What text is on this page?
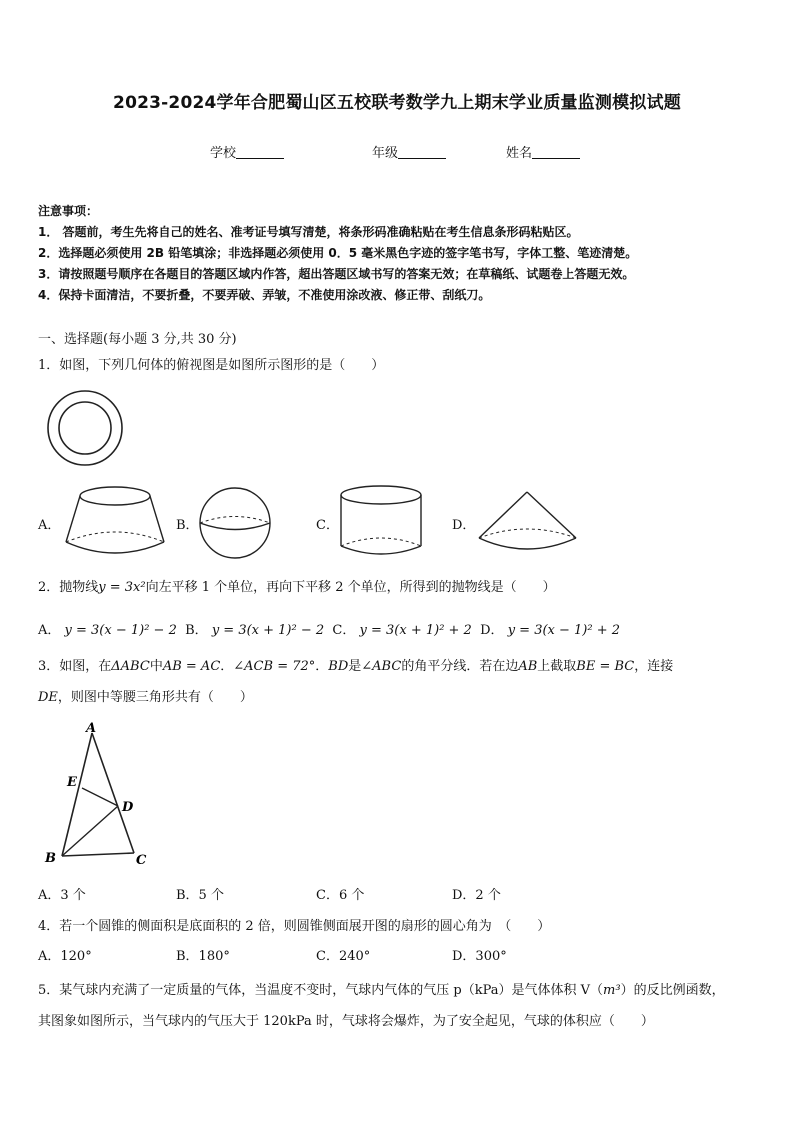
2023-2024学年合肥蜀山区五校联考数学九上期末学业质量监测模拟试题
学校	年级	姓名
注意事项：
1． 答题前，考生先将自己的姓名、准考证号填写清楚，将条形码准确粘贴在考生信息条形码粘贴区。
2．选择题必须使用 2B 铅笔填涂；非选择题必须使用 0．5 毫米黑色字迹的签字笔书写，字体工整、笔迹清楚。
3．请按照题号顺序在各题目的答题区域内作答，超出答题区域书写的答案无效；在草稿纸、试题卷上答题无效。
4．保持卡面清洁，不要折叠，不要弄破、弄皱，不准使用涂改液、修正带、刮纸刀。
一、选择题(每小题 3 分,共 30 分)
1．如图，下列几何体的俯视图是如图所示图形的是（　　）
A．	B．	C．	D．
2．抛物线y = 3x²向左平移 1 个单位，再向下平移 2 个单位，所得到的抛物线是（　　）
A． y = 3(x − 1)² − 2 B． y = 3(x + 1)² − 2 C． y = 3(x + 1)² + 2 D． y = 3(x − 1)² + 2
3．如图，在ΔABC中AB = AC．∠ACB = 72°．BD是∠ABC的角平分线．若在边AB上截取BE = BC，连接
DE，则图中等腰三角形共有（　　）
A
E
D
B	C
A．3 个	B．5 个	C．6 个	D．2 个
4．若一个圆锥的侧面积是底面积的 2 倍，则圆锥侧面展开图的扇形的圆心角为　（　　）
A．120°	B．180°	C．240°	D．300°
5．某气球内充满了一定质量的气体，当温度不变时，气球内气体的气压 p（kPa）是气体体积 V（m³）的反比例函数，
其图象如图所示，当气球内的气压大于 120kPa 时，气球将会爆炸，为了安全起见，气球的体积应（　　）
